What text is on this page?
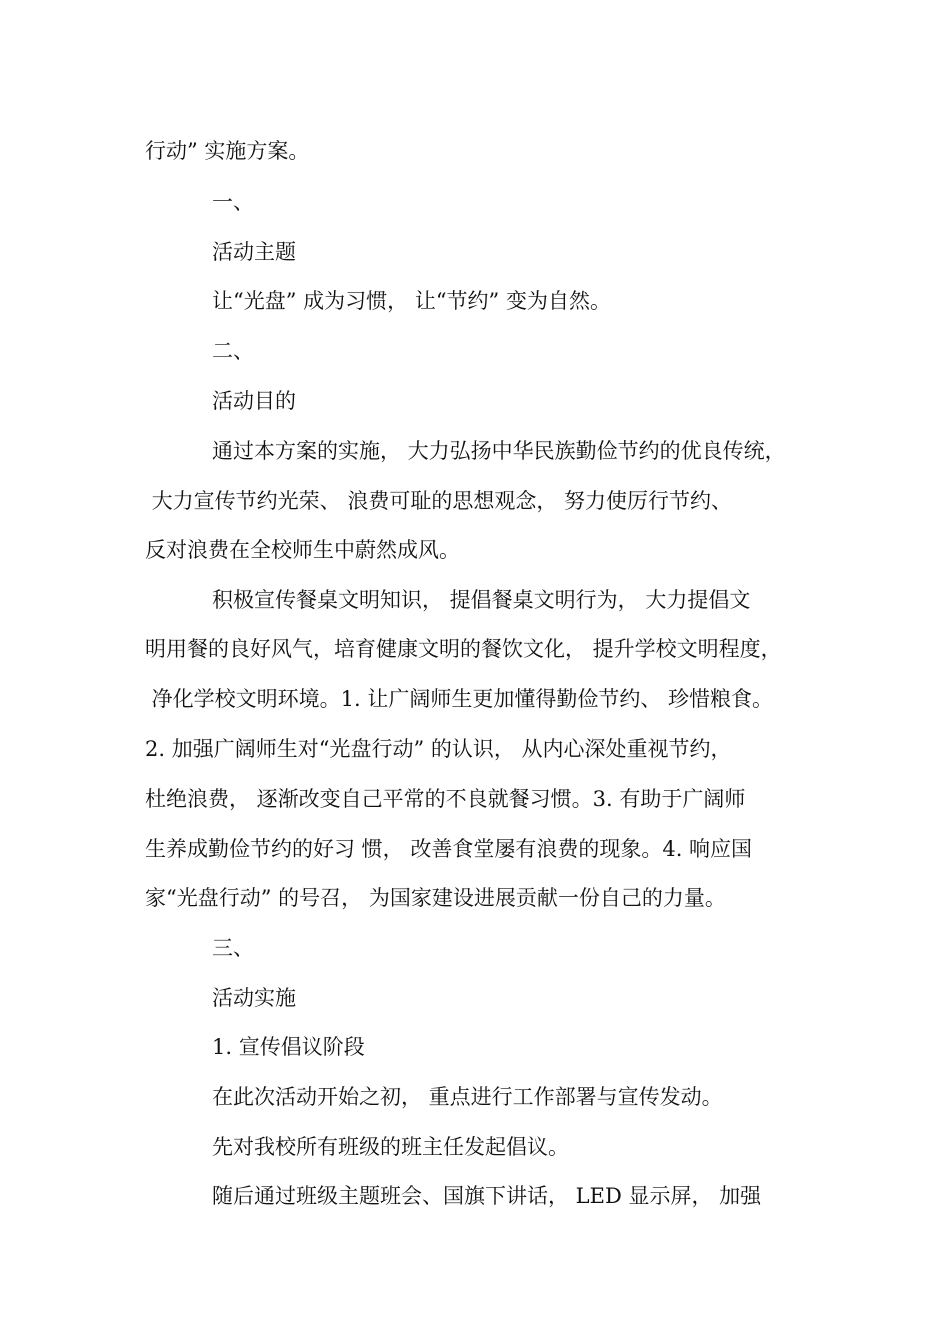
行动” 实施方案。
一、
活动主题
让“光盘” 成为习惯， 让“节约” 变为自然。
二、
活动目的
通过本方案的实施， 大力弘扬中华民族勤俭节约的优良传统，
大力宣传节约光荣、 浪费可耻的思想观念， 努力使厉行节约、
反对浪费在全校师生中蔚然成风。
积极宣传餐桌文明知识， 提倡餐桌文明行为， 大力提倡文
明用餐的良好风气，培育健康文明的餐饮文化， 提升学校文明程度，
净化学校文明环境。1. 让广阔师生更加懂得勤俭节约、 珍惜粮食。
2. 加强广阔师生对“光盘行动” 的认识， 从内心深处重视节约，
杜绝浪费， 逐渐改变自己平常的不良就餐习惯。3. 有助于广阔师
生养成勤俭节约的好习 惯， 改善食堂屡有浪费的现象。4. 响应国
家“光盘行动” 的号召， 为国家建设进展贡献一份自己的力量。
三、
活动实施
1. 宣传倡议阶段
在此次活动开始之初， 重点进行工作部署与宣传发动。
先对我校所有班级的班主任发起倡议。
随后通过班级主题班会、国旗下讲话， LED 显示屏， 加强
